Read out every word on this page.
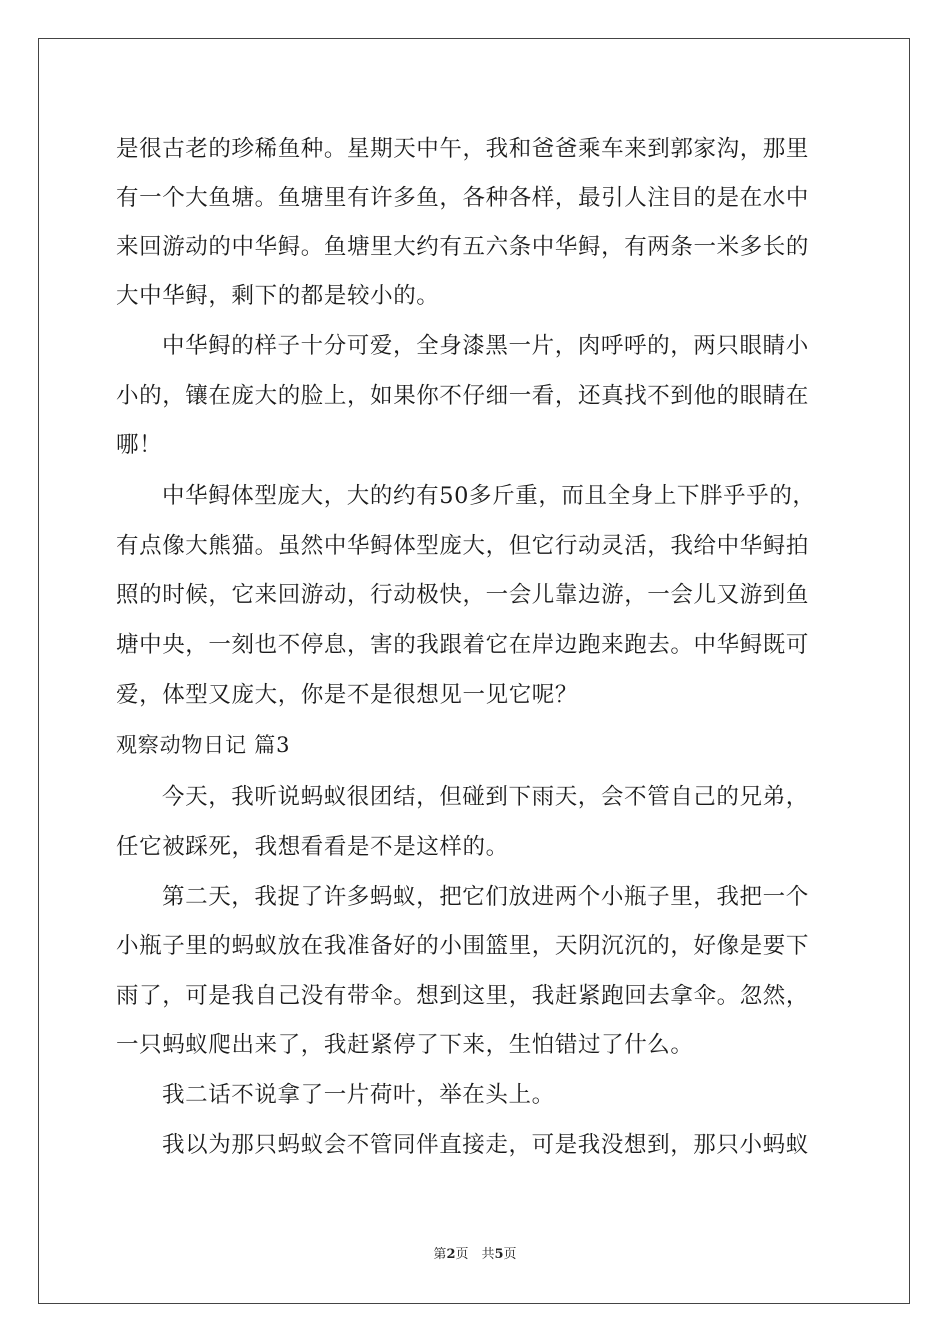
是很古老的珍稀鱼种。星期天中午，我和爸爸乘车来到郭家沟，那里
有一个大鱼塘。鱼塘里有许多鱼，各种各样，最引人注目的是在水中
来回游动的中华鲟。鱼塘里大约有五六条中华鲟，有两条一米多长的
大中华鲟，剩下的都是较小的。
中华鲟的样子十分可爱，全身漆黑一片，肉呼呼的，两只眼睛小
小的，镶在庞大的脸上，如果你不仔细一看，还真找不到他的眼睛在
哪！
中华鲟体型庞大，大的约有50多斤重，而且全身上下胖乎乎的，
有点像大熊猫。虽然中华鲟体型庞大，但它行动灵活，我给中华鲟拍
照的时候，它来回游动，行动极快，一会儿靠边游，一会儿又游到鱼
塘中央，一刻也不停息，害的我跟着它在岸边跑来跑去。中华鲟既可
爱，体型又庞大，你是不是很想见一见它呢？
观察动物日记 篇3
今天，我听说蚂蚁很团结，但碰到下雨天，会不管自己的兄弟，
任它被踩死，我想看看是不是这样的。
第二天，我捉了许多蚂蚁，把它们放进两个小瓶子里，我把一个
小瓶子里的蚂蚁放在我准备好的小围篮里，天阴沉沉的，好像是要下
雨了，可是我自己没有带伞。想到这里，我赶紧跑回去拿伞。忽然，
一只蚂蚁爬出来了，我赶紧停了下来，生怕错过了什么。
我二话不说拿了一片荷叶，举在头上。
我以为那只蚂蚁会不管同伴直接走，可是我没想到，那只小蚂蚁
第2页　共5页
